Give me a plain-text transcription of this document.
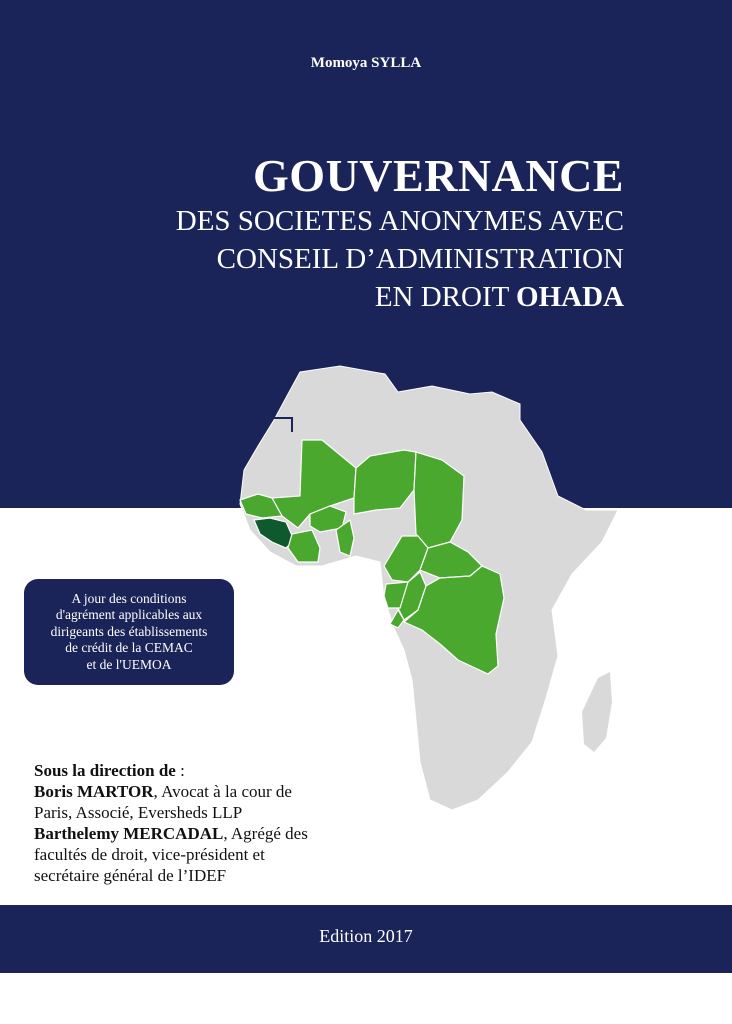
Momoya SYLLA
GOUVERNANCE
DES SOCIETES ANONYMES AVEC
CONSEIL D’ADMINISTRATION
EN DROIT OHADA
A jour des conditions
d'agrément applicables aux
dirigeants des établissements
de crédit de la CEMAC
et de l'UEMOA
Sous la direction de :
Boris MARTOR, Avocat à la cour de
Paris, Associé, Eversheds LLP
Barthelemy MERCADAL, Agrégé des
facultés de droit, vice-président et
secrétaire général de l’IDEF
Edition 2017
